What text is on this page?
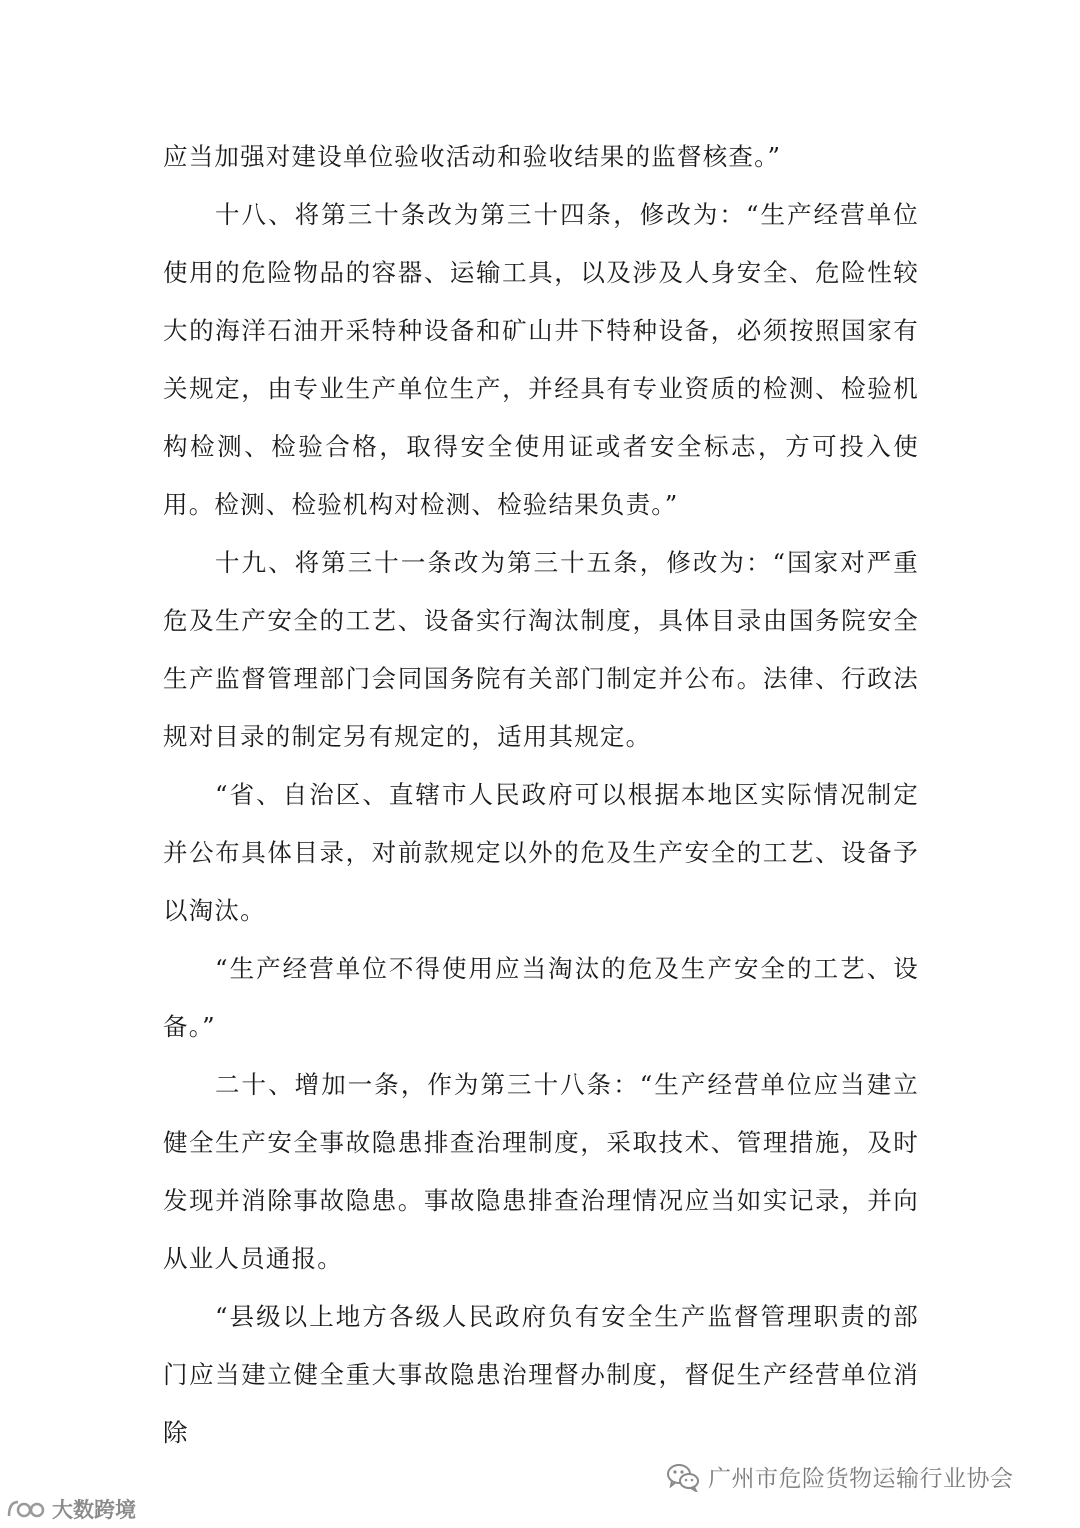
应当加强对建设单位验收活动和验收结果的监督核查。”

十八、将第三十条改为第三十四条，修改为：“生产经营单位使用的危险物品的容器、运输工具，以及涉及人身安全、危险性较大的海洋石油开采特种设备和矿山井下特种设备，必须按照国家有关规定，由专业生产单位生产，并经具有专业资质的检测、检验机构检测、检验合格，取得安全使用证或者安全标志，方可投入使用。检测、检验机构对检测、检验结果负责。”

十九、将第三十一条改为第三十五条，修改为：“国家对严重危及生产安全的工艺、设备实行淘汰制度，具体目录由国务院安全生产监督管理部门会同国务院有关部门制定并公布。法律、行政法规对目录的制定另有规定的，适用其规定。

“省、自治区、直辖市人民政府可以根据本地区实际情况制定并公布具体目录，对前款规定以外的危及生产安全的工艺、设备予以淘汰。

“生产经营单位不得使用应当淘汰的危及生产安全的工艺、设备。”

二十、增加一条，作为第三十八条：“生产经营单位应当建立健全生产安全事故隐患排查治理制度，采取技术、管理措施，及时发现并消除事故隐患。事故隐患排查治理情况应当如实记录，并向从业人员通报。

“县级以上地方各级人民政府负有安全生产监督管理职责的部门应当建立健全重大事故隐患治理督办制度，督促生产经营单位消除

广州市危险货物运输行业协会
大数跨境
